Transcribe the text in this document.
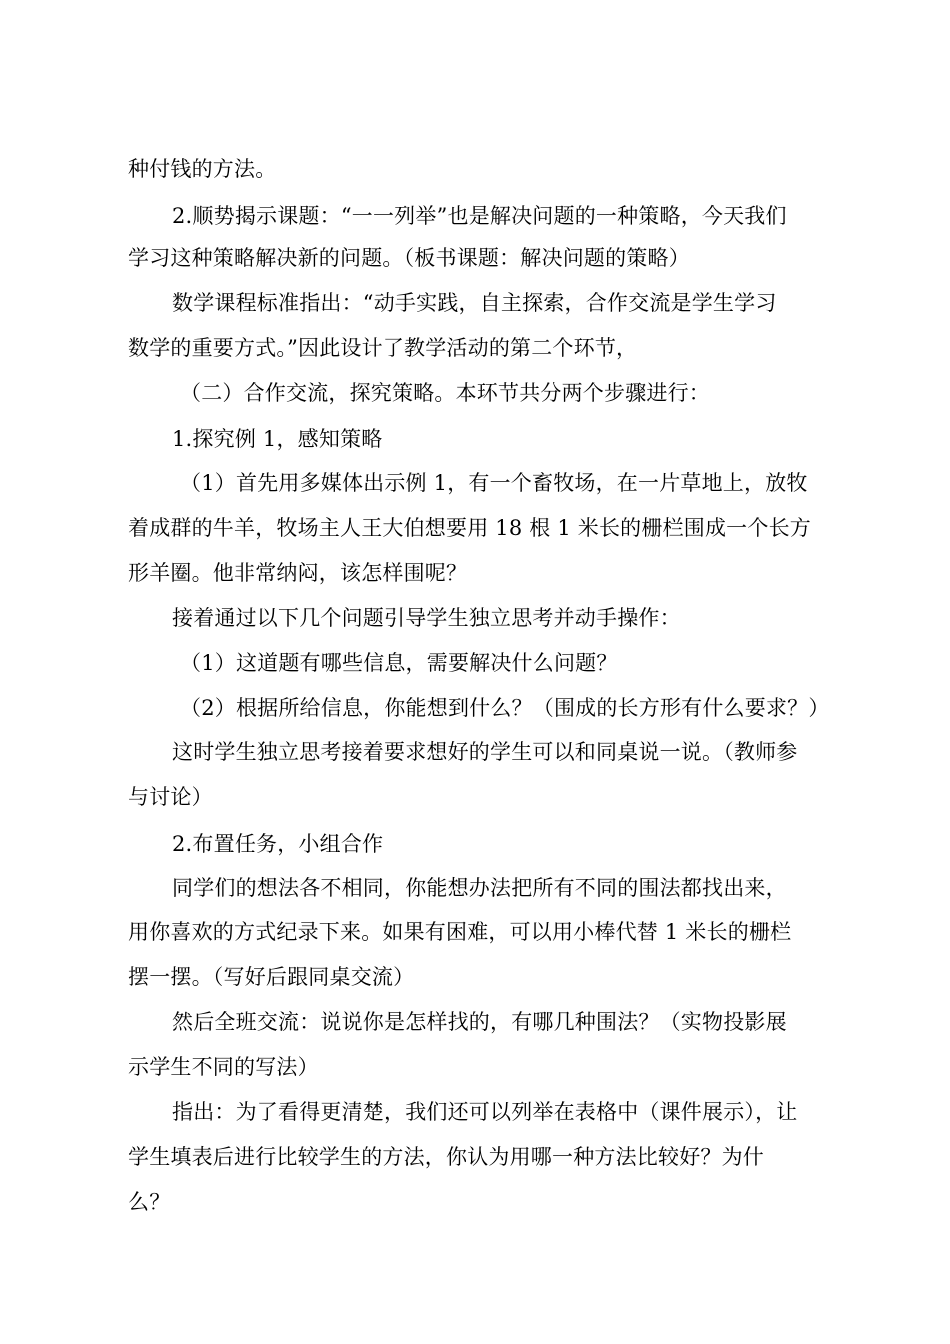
种付钱的方法。
2.顺势揭示课题：“一一列举”也是解决问题的一种策略，今天我们
学习这种策略解决新的问题。（板书课题：解决问题的策略）
数学课程标准指出：“动手实践，自主探索，合作交流是学生学习
数学的重要方式。”因此设计了教学活动的第二个环节，
（二）合作交流，探究策略。本环节共分两个步骤进行：
1.探究例 1，感知策略
（1）首先用多媒体出示例 1，有一个畜牧场，在一片草地上，放牧
着成群的牛羊，牧场主人王大伯想要用 18 根 1 米长的栅栏围成一个长方
形羊圈。他非常纳闷，该怎样围呢？
接着通过以下几个问题引导学生独立思考并动手操作：
（1）这道题有哪些信息，需要解决什么问题？
（2）根据所给信息，你能想到什么？（围成的长方形有什么要求？）
这时学生独立思考接着要求想好的学生可以和同桌说一说。（教师参
与讨论）
2.布置任务，小组合作
同学们的想法各不相同，你能想办法把所有不同的围法都找出来，
用你喜欢的方式纪录下来。如果有困难，可以用小棒代替 1 米长的栅栏
摆一摆。（写好后跟同桌交流）
然后全班交流：说说你是怎样找的，有哪几种围法？（实物投影展
示学生不同的写法）
指出：为了看得更清楚，我们还可以列举在表格中（课件展示），让
学生填表后进行比较学生的方法，你认为用哪一种方法比较好？为什
么？
